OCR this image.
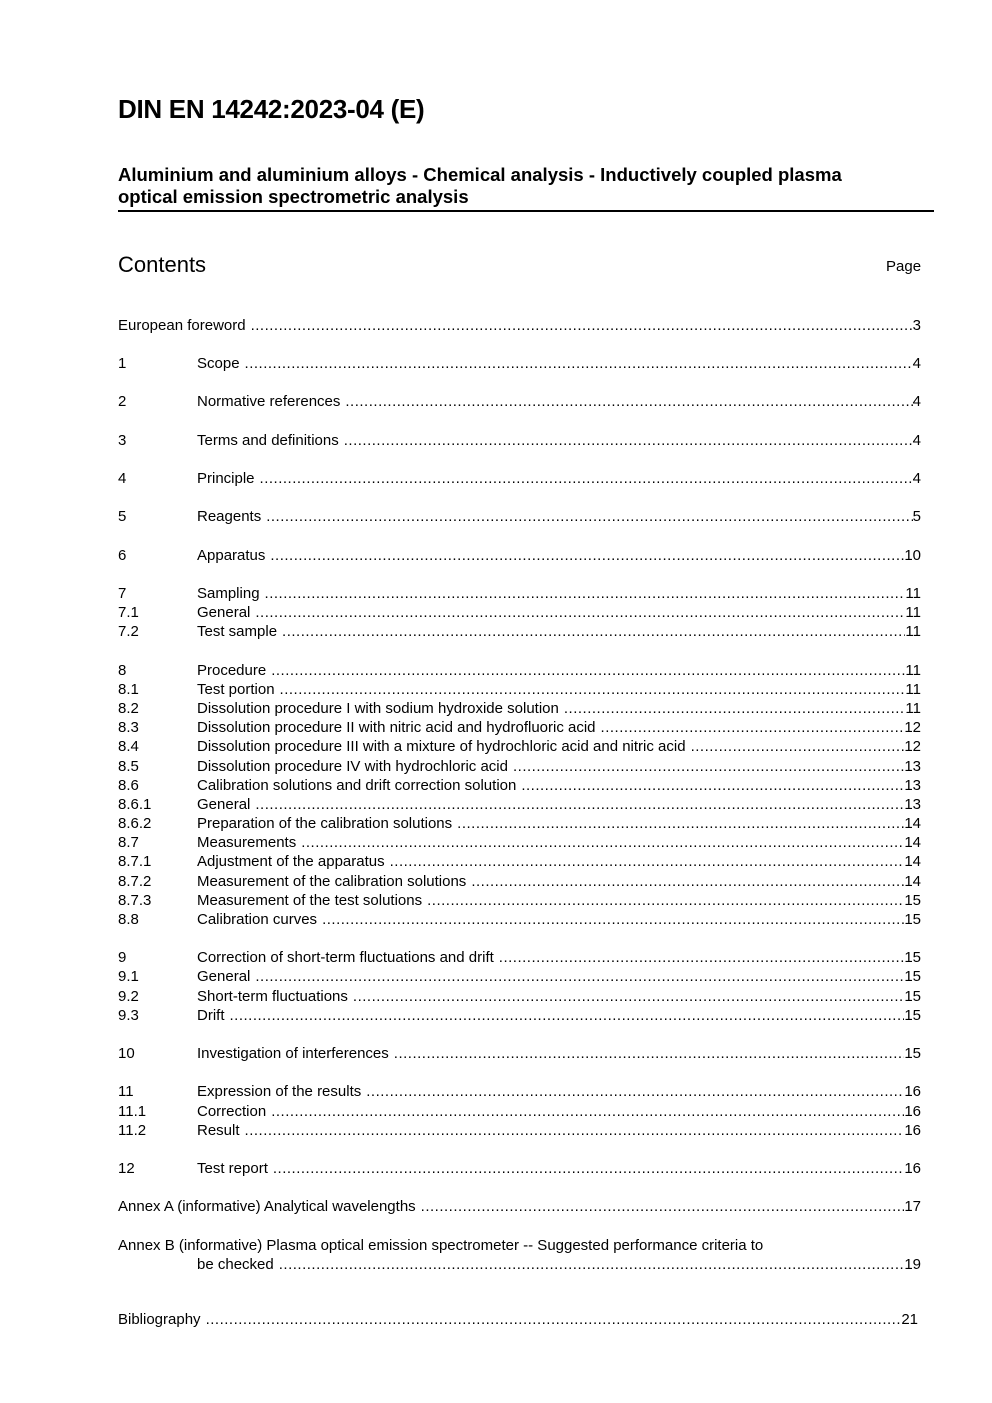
DIN EN 14242:2023-04 (E)
Aluminium and aluminium alloys - Chemical analysis - Inductively coupled plasma
optical emission spectrometric analysis
Contents	Page
European foreword .....	3
1	Scope .....	4
2	Normative references .....	4
3	Terms and definitions .....	4
4	Principle .....	4
5	Reagents .....	5
6	Apparatus .....	10
7	Sampling .....	11
7.1	General .....	11
7.2	Test sample .....	11
8	Procedure .....	11
8.1	Test portion .....	11
8.2	Dissolution procedure I with sodium hydroxide solution .....	11
8.3	Dissolution procedure II with nitric acid and hydrofluoric acid .....	12
8.4	Dissolution procedure III with a mixture of hydrochloric acid and nitric acid .....	12
8.5	Dissolution procedure IV with hydrochloric acid .....	13
8.6	Calibration solutions and drift correction solution .....	13
8.6.1	General .....	13
8.6.2	Preparation of the calibration solutions .....	14
8.7	Measurements .....	14
8.7.1	Adjustment of the apparatus .....	14
8.7.2	Measurement of the calibration solutions .....	14
8.7.3	Measurement of the test solutions .....	15
8.8	Calibration curves .....	15
9	Correction of short-term fluctuations and drift .....	15
9.1	General .....	15
9.2	Short-term fluctuations .....	15
9.3	Drift .....	15
10	Investigation of interferences .....	15
11	Expression of the results .....	16
11.1	Correction .....	16
11.2	Result .....	16
12	Test report .....	16
Annex A (informative) Analytical wavelengths .....	17
Annex B (informative) Plasma optical emission spectrometer -- Suggested performance criteria to
be checked .....	19
Bibliography .....	21
